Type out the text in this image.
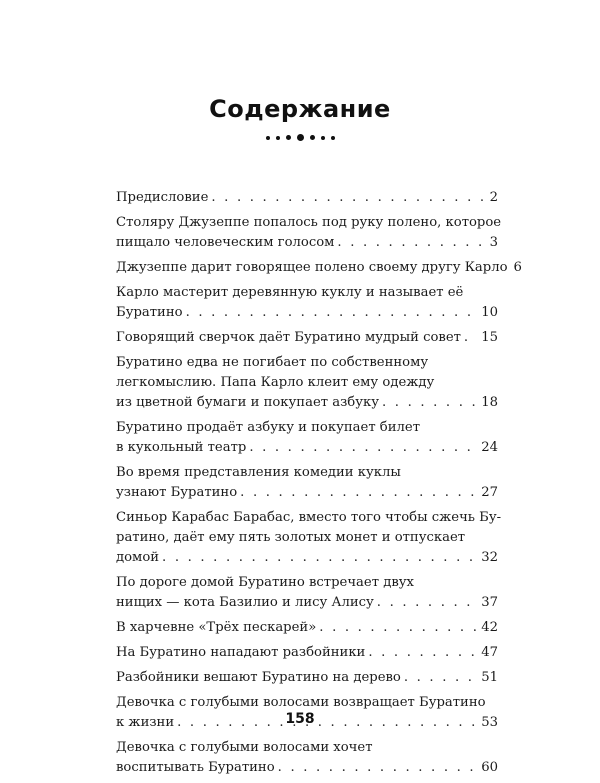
Содержание
Предисловие . . .	2
Столяру Джузеппе попалось под руку полено, которое
пищало человеческим голосом . . .	3
Джузеппе дарит говорящее полено своему другу Карло 6
Карло мастерит деревянную куклу и называет её
Буратино . . .	10
Говорящий сверчок даёт Буратино мудрый совет . . . 15
Буратино едва не погибает по собственному
легкомыслию. Папа Карло клеит ему одежду
из цветной бумаги и покупает азбуку . . .	18
Буратино продаёт азбуку и покупает билет
в кукольный театр . . .	24
Во время представления комедии куклы
узнают Буратино . . .	27
Синьор Карабас Барабас, вместо того чтобы сжечь Бу-
ратино, даёт ему пять золотых монет и отпускает
домой . . .	32
По дороге домой Буратино встречает двух
нищих — кота Базилио и лису Алису . . .	37
В харчевне «Трёх пескарей» . . .	42
На Буратино нападают разбойники . . .	47
Разбойники вешают Буратино на дерево . . .	51
Девочка с голубыми волосами возвращает Буратино
к жизни . . .	53
Девочка с голубыми волосами хочет
воспитывать Буратино . . .	60
158
